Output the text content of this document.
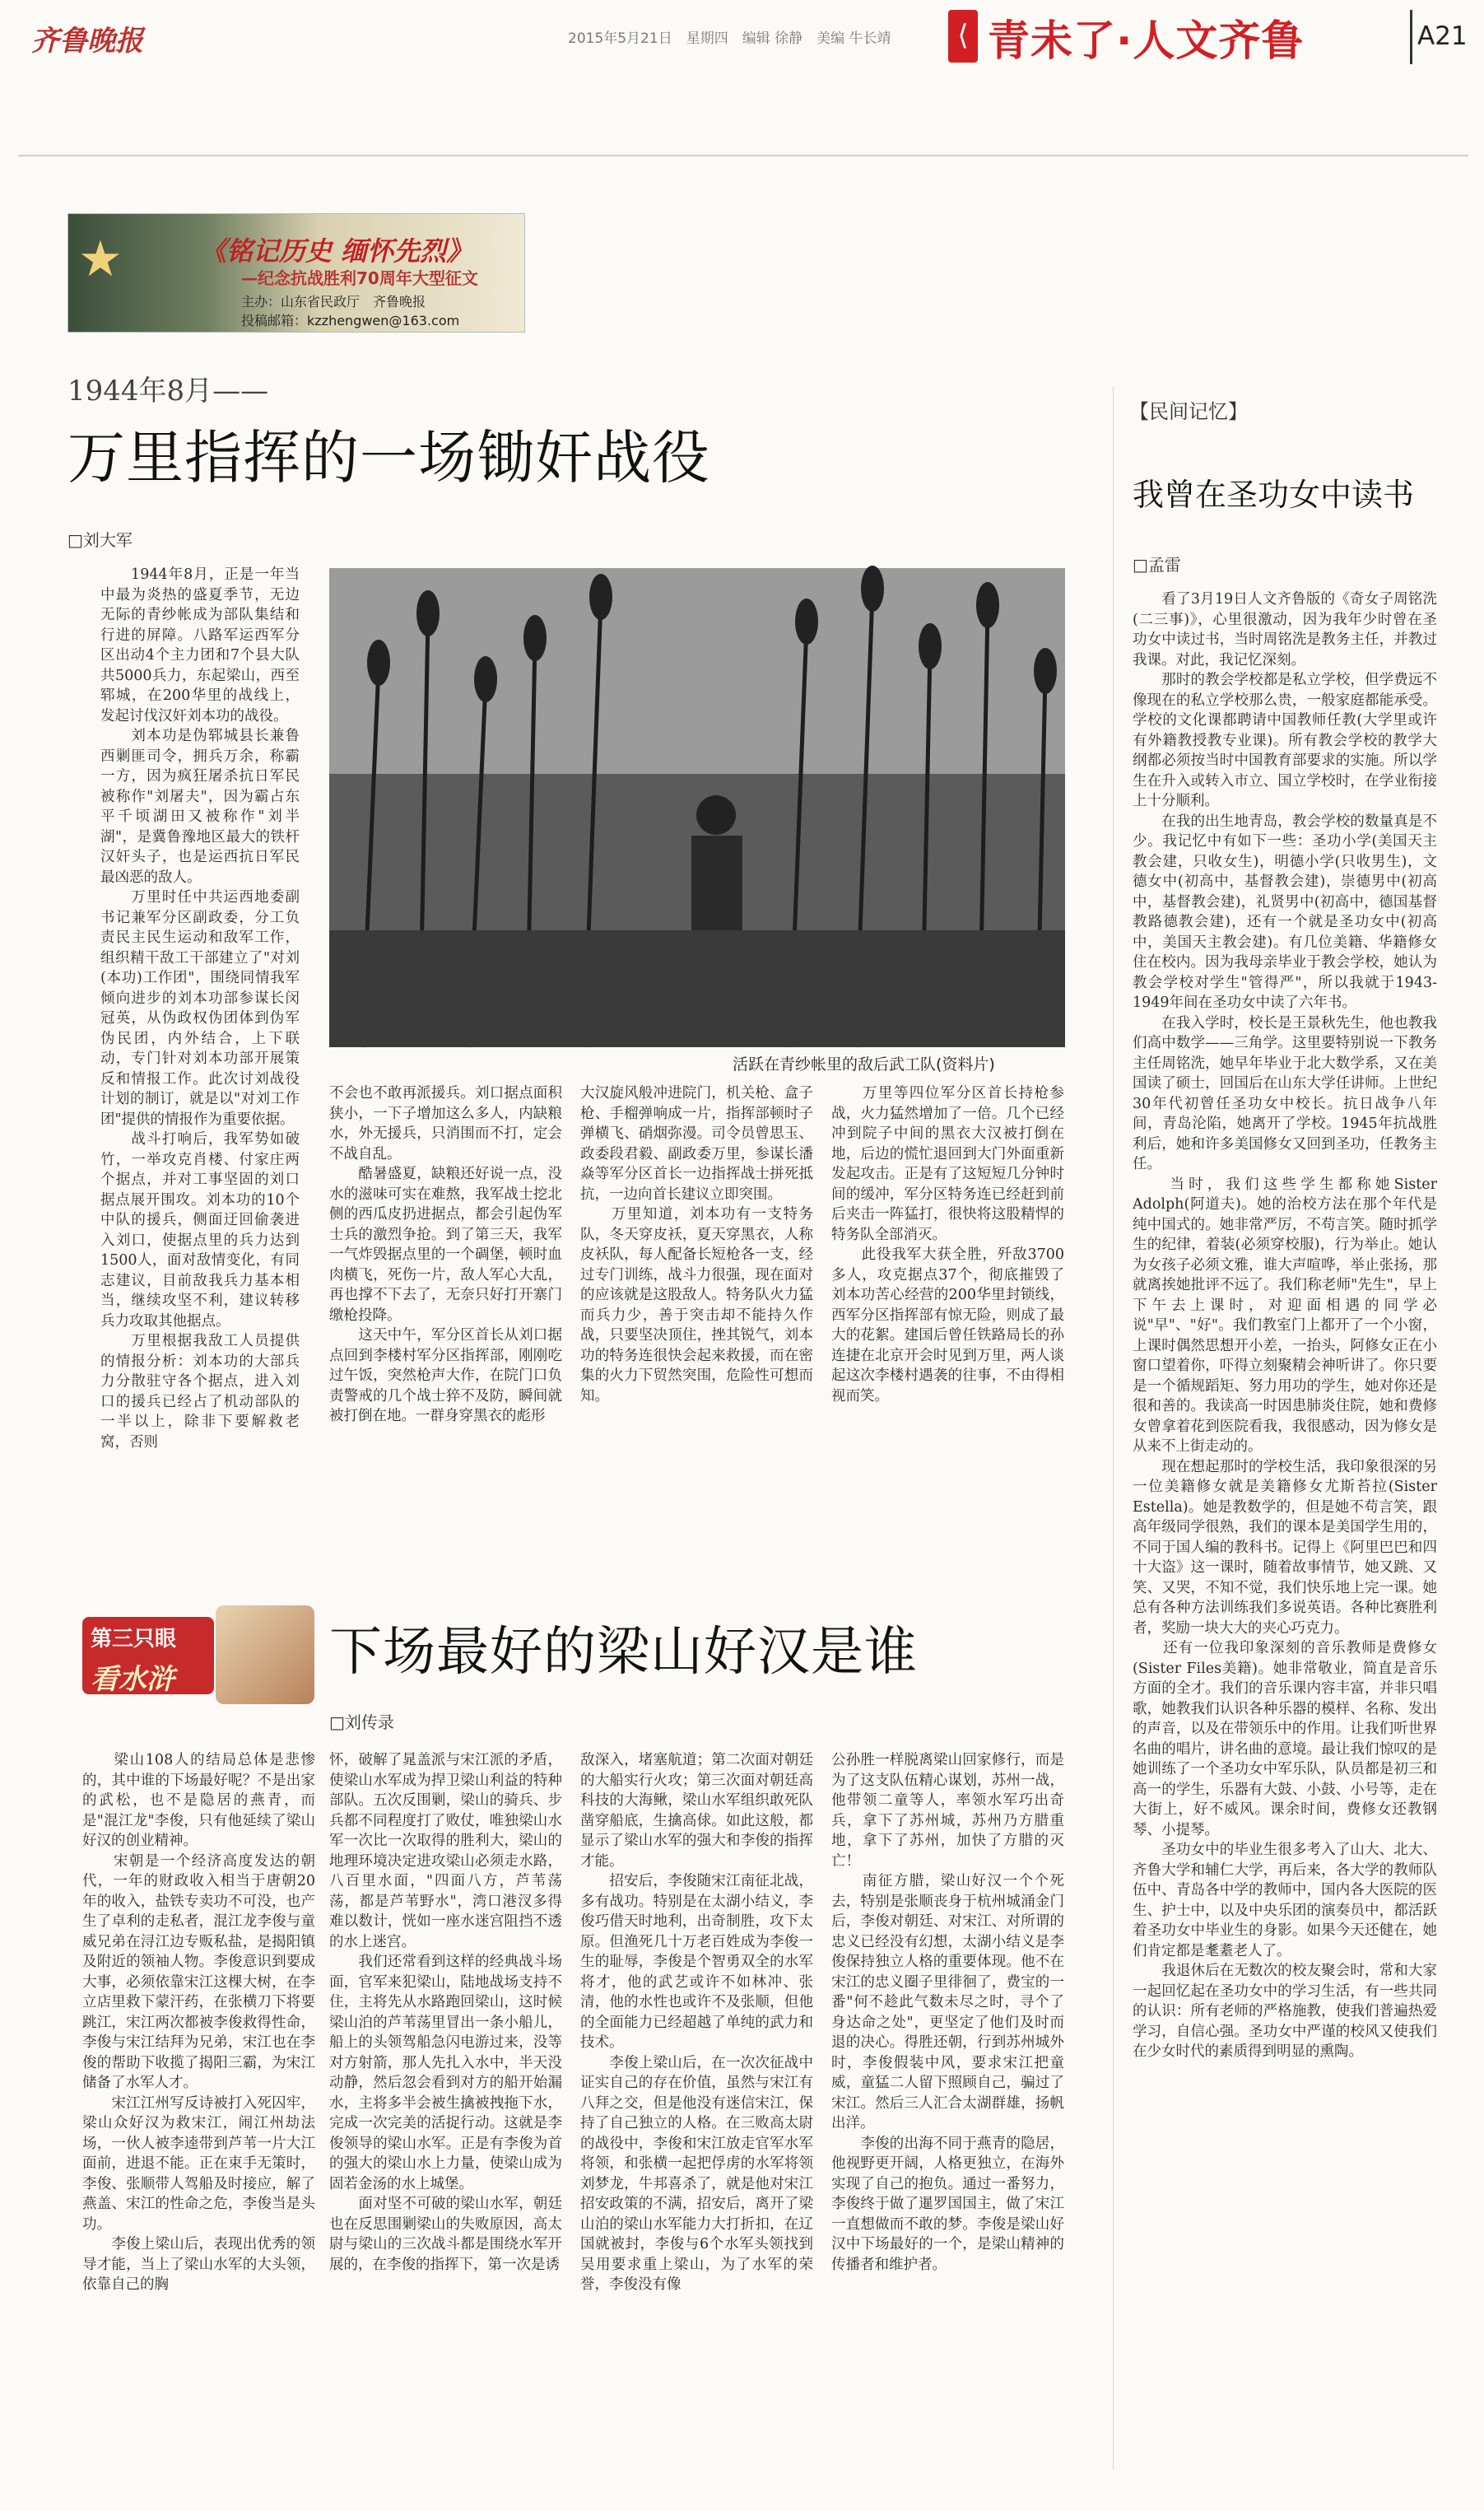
齐鲁晚报	2015年5月21日　星期四　编辑 徐静　美编 牛长靖 ⟨ 青未了·人文齐鲁	A21
★	《铭记历史 缅怀先烈》
—纪念抗战胜利70周年大型征文
主办：山东省民政厅　齐鲁晚报
投稿邮箱：kzzhengwen@163.com
1944年8月——
万里指挥的一场锄奸战役
□刘大军
　　1944年8月，正是一年当中最为炎热的盛夏季节，无边无际的青纱帐成为部队集结和行进的屏障。八路军运西军分区出动4个主力团和7个县大队共5000兵力，东起梁山，西至郓城，在200华里的战线上，发起讨伐汉奸刘本功的战役。
　　刘本功是伪郓城县长兼鲁西剿匪司令，拥兵万余，称霸一方，因为疯狂屠杀抗日军民被称作"刘屠夫"，因为霸占东平千顷湖田又被称作"刘半湖"，是冀鲁豫地区最大的铁杆汉奸头子，也是运西抗日军民最凶恶的敌人。
　　万里时任中共运西地委副书记兼军分区副政委，分工负责民主民生运动和敌军工作，组织精干敌工干部建立了"对刘(本功)工作团"，围绕同情我军倾向进步的刘本功部参谋长闵冠英，从伪政权伪团体到伪军伪民团，内外结合，上下联动，专门针对刘本功部开展策反和情报工作。此次讨刘战役计划的制订，就是以"对刘工作团"提供的情报作为重要依据。
　　战斗打响后，我军势如破竹，一举攻克肖楼、付家庄两个据点，并对工事坚固的刘口据点展开围攻。刘本功的10个中队的援兵，侧面迂回偷袭进入刘口，使据点里的兵力达到1500人，面对敌情变化，有同志建议，目前敌我兵力基本相当，继续攻坚不利，建议转移兵力攻取其他据点。
　　万里根据我敌工人员提供的情报分析：刘本功的大部兵力分散驻守各个据点，进入刘口的援兵已经占了机动部队的一半以上，除非下要解救老窝，否则
活跃在青纱帐里的敌后武工队(资料片)
不会也不敢再派援兵。刘口据点面积狭小，一下子增加这么多人，内缺粮水，外无援兵，只消围而不打，定会不战自乱。
　　酷暑盛夏，缺粮还好说一点，没水的滋味可实在难熬，我军战士挖北侧的西瓜皮扔进据点，都会引起伪军士兵的激烈争抢。到了第三天，我军一气炸毁据点里的一个碉堡，顿时血肉横飞，死伤一片，敌人军心大乱，再也撑不下去了，无奈只好打开寨门缴枪投降。
　　这天中午，军分区首长从刘口据点回到李楼村军分区指挥部，刚刚吃过午饭，突然枪声大作，在院门口负责警戒的几个战士猝不及防，瞬间就被打倒在地。一群身穿黑衣的彪形
大汉旋风般冲进院门，机关枪、盒子枪、手榴弹响成一片，指挥部顿时子弹横飞、硝烟弥漫。司令员曾思玉、政委段君毅、副政委万里，参谋长潘焱等军分区首长一边指挥战士拼死抵抗，一边向首长建议立即突围。
　　万里知道，刘本功有一支特务队，冬天穿皮袄，夏天穿黑衣，人称皮袄队，每人配备长短枪各一支，经过专门训练，战斗力很强，现在面对的应该就是这股敌人。特务队火力猛而兵力少，善于突击却不能持久作战，只要坚决顶住，挫其锐气，刘本功的特务连很快会起来救援，而在密集的火力下贸然突围，危险性可想而知。
　　万里等四位军分区首长持枪参战，火力猛然增加了一倍。几个已经冲到院子中间的黑衣大汉被打倒在地，后边的慌忙退回到大门外面重新发起攻击。正是有了这短短几分钟时间的缓冲，军分区特务连已经赶到前后夹击一阵猛打，很快将这股精悍的特务队全部消灭。
　　此役我军大获全胜，歼敌3700多人，攻克据点37个，彻底摧毁了刘本功苦心经营的200华里封锁线，西军分区指挥部有惊无险，则成了最大的花絮。建国后曾任铁路局长的孙连捷在北京开会时见到万里，两人谈起这次李楼村遇袭的往事，不由得相视而笑。
第三只眼
看水浒	下场最好的梁山好汉是谁
□刘传录
　　梁山108人的结局总体是悲惨的，其中谁的下场最好呢？不是出家的武松，也不是隐居的燕青，而是"混江龙"李俊，只有他延续了梁山好汉的创业精神。
　　宋朝是一个经济高度发达的朝代，一年的财政收入相当于唐朝20年的收入，盐铁专卖功不可没，也产生了卓利的走私者，混江龙李俊与童威兄弟在浔江边专贩私盐，是揭阳镇及附近的领袖人物。李俊意识到要成大事，必须依靠宋江这棵大树，在李立店里救下蒙汗药，在张横刀下将要跳江，宋江两次都被李俊救得性命，李俊与宋江结拜为兄弟，宋江也在李俊的帮助下收揽了揭阳三霸，为宋江储备了水军人才。
　　宋江江州写反诗被打入死囚牢，梁山众好汉为救宋江，闹江州劫法场，一伙人被李逵带到芦苇一片大江面前，进退不能。正在束手无策时，李俊、张顺带人驾船及时接应，解了燕盖、宋江的性命之危，李俊当是头功。
　　李俊上梁山后，表现出优秀的领导才能，当上了梁山水军的大头领，依靠自己的胸
怀，破解了晁盖派与宋江派的矛盾，使梁山水军成为捍卫梁山利益的特种部队。五次反围剿，梁山的骑兵、步兵都不同程度打了败仗，唯独梁山水军一次比一次取得的胜利大，梁山的地理环境决定进攻梁山必须走水路，八百里水面，"四面八方，芦苇荡荡，都是芦苇野水"，湾口港汊多得难以数计，恍如一座水迷宫阻挡不透的水上迷宫。
　　我们还常看到这样的经典战斗场面，官军来犯梁山，陆地战场支持不住，主将先从水路跑回梁山，这时候梁山泊的芦苇荡里冒出一条小船儿，船上的头领驾船急闪电游过来，没等对方射箭，那人先扎入水中，半天没动静，然后忽会看到对方的船开始漏水，主将多半会被生擒被拽拖下水，完成一次完美的活捉行动。这就是李俊领导的梁山水军。正是有李俊为首的强大的梁山水上力量，使梁山成为固若金汤的水上城堡。
　　面对坚不可破的梁山水军，朝廷也在反思围剿梁山的失败原因，高太尉与梁山的三次战斗都是围绕水军开展的，在李俊的指挥下，第一次是诱
敌深入，堵塞航道；第二次面对朝廷的大船实行火攻；第三次面对朝廷高科技的大海鳅，梁山水军组织敢死队凿穿船底，生擒高俅。如此这般，都显示了梁山水军的强大和李俊的指挥才能。
　　招安后，李俊随宋江南征北战，多有战功。特别是在太湖小结义，李俊巧借天时地利，出奇制胜，攻下太原。但渔死几十万老百姓成为李俊一生的耻辱，李俊是个智勇双全的水军将才，他的武艺或许不如林冲、张清，他的水性也或许不及张顺，但他的全面能力已经超越了单纯的武力和技术。
　　李俊上梁山后，在一次次征战中证实自己的存在价值，虽然与宋江有八拜之交，但是他没有迷信宋江，保持了自己独立的人格。在三败高太尉的战役中，李俊和宋江放走官军水军将领，和张横一起把俘虏的水军将领刘梦龙，牛邦喜杀了，就是他对宋江招安政策的不满，招安后，离开了梁山泊的梁山水军能力大打折扣，在辽国就被封，李俊与6个水军头领找到吴用要求重上梁山，为了水军的荣誉，李俊没有像
公孙胜一样脱离梁山回家修行，而是为了这支队伍精心谋划，苏州一战，他带领二童等人，率领水军巧出奇兵，拿下了苏州城，苏州乃方腊重地，拿下了苏州，加快了方腊的灭亡！
　　南征方腊，梁山好汉一个个死去，特别是张顺丧身于杭州城涌金门后，李俊对朝廷、对宋江、对所谓的忠义已经没有幻想，太湖小结义是李俊保持独立人格的重要体现。他不在宋江的忠义圈子里徘徊了，费宝的一番"何不趁此气数未尽之时，寻个了身达命之处"，更坚定了他们及时而退的决心。得胜还朝，行到苏州城外时，李俊假装中风，要求宋江把童威，童猛二人留下照顾自己，骗过了宋江。然后三人汇合太湖群雄，扬帆出洋。
　　李俊的出海不同于燕青的隐居，他视野更开阔，人格更独立，在海外实现了自己的抱负。通过一番努力，李俊终于做了暹罗国国主，做了宋江一直想做而不敢的梦。李俊是梁山好汉中下场最好的一个，是梁山精神的传播者和维护者。
【民间记忆】
我曾在圣功女中读书
□孟雷
　　看了3月19日人文齐鲁版的《奇女子周铭洗(二三事)》，心里很激动，因为我年少时曾在圣功女中读过书，当时周铭洗是教务主任，并教过我课。对此，我记忆深刻。
　　那时的教会学校都是私立学校，但学费远不像现在的私立学校那么贵，一般家庭都能承受。学校的文化课都聘请中国教师任教(大学里或许有外籍教授教专业课)。所有教会学校的教学大纲都必须按当时中国教育部要求的实施。所以学生在升入或转入市立、国立学校时，在学业衔接上十分顺利。
　　在我的出生地青岛，教会学校的数量真是不少。我记忆中有如下一些：圣功小学(美国天主教会建，只收女生)，明德小学(只收男生)，文德女中(初高中，基督教会建)，崇德男中(初高中，基督教会建)，礼贤男中(初高中，德国基督教路德教会建)，还有一个就是圣功女中(初高中，美国天主教会建)。有几位美籍、华籍修女住在校内。因为我母亲毕业于教会学校，她认为教会学校对学生"管得严"，所以我就于1943-1949年间在圣功女中读了六年书。
　　在我入学时，校长是王景秋先生，他也教我们高中数学——三角学。这里要特别说一下教务主任周铭洗，她早年毕业于北大数学系，又在美国读了硕士，回国后在山东大学任讲师。上世纪30年代初曾任圣功女中校长。抗日战争八年间，青岛沦陷，她离开了学校。1945年抗战胜利后，她和许多美国修女又回到圣功，任教务主任。
　　当时，我们这些学生都称她Sister Adolph(阿道夫)。她的治校方法在那个年代是纯中国式的。她非常严厉，不苟言笑。随时抓学生的纪律，着装(必须穿校服)，行为举止。她认为女孩子必须文雅，谁大声喧哗，举止张扬，那就离挨她批评不远了。我们称老师"先生"，早上下午去上课时，对迎面相遇的同学必说"早"、"好"。我们教室门上都开了一个小窗，上课时偶然思想开小差，一抬头，阿修女正在小窗口望着你，吓得立刻聚精会神听讲了。你只要是一个循规蹈矩、努力用功的学生，她对你还是很和善的。我读高一时因患肺炎住院，她和费修女曾拿着花到医院看我，我很感动，因为修女是从来不上街走动的。
　　现在想起那时的学校生活，我印象很深的另一位美籍修女就是美籍修女尤斯苔拉(Sister Estella)。她是教数学的，但是她不苟言笑，跟高年级同学很熟，我们的课本是美国学生用的，不同于国人编的教科书。记得上《阿里巴巴和四十大盗》这一课时，随着故事情节，她又跳、又笑、又哭，不知不觉，我们快乐地上完一课。她总有各种方法训练我们多说英语。各种比赛胜利者，奖励一块大大的夹心巧克力。
　　还有一位我印象深刻的音乐教师是费修女(Sister Files美籍)。她非常敬业，简直是音乐方面的全才。我们的音乐课内容丰富，并非只唱歌，她教我们认识各种乐器的模样、名称、发出的声音，以及在带领乐中的作用。让我们听世界名曲的唱片，讲名曲的意境。最让我们惊叹的是她训练了一个圣功女中军乐队，队员都是初三和高一的学生，乐器有大鼓、小鼓、小号等，走在大街上，好不威风。课余时间，费修女还教钢琴、小提琴。
　　圣功女中的毕业生很多考入了山大、北大、齐鲁大学和辅仁大学，再后来，各大学的教师队伍中、青岛各中学的教师中，国内各大医院的医生、护士中，以及中央乐团的演奏员中，都活跃着圣功女中毕业生的身影。如果今天还健在，她们肯定都是耄耋老人了。
　　我退休后在无数次的校友聚会时，常和大家一起回忆起在圣功女中的学习生活，有一些共同的认识：所有老师的严格施教，使我们普遍热爱学习，自信心强。圣功女中严谨的校风又使我们在少女时代的素质得到明显的熏陶。
